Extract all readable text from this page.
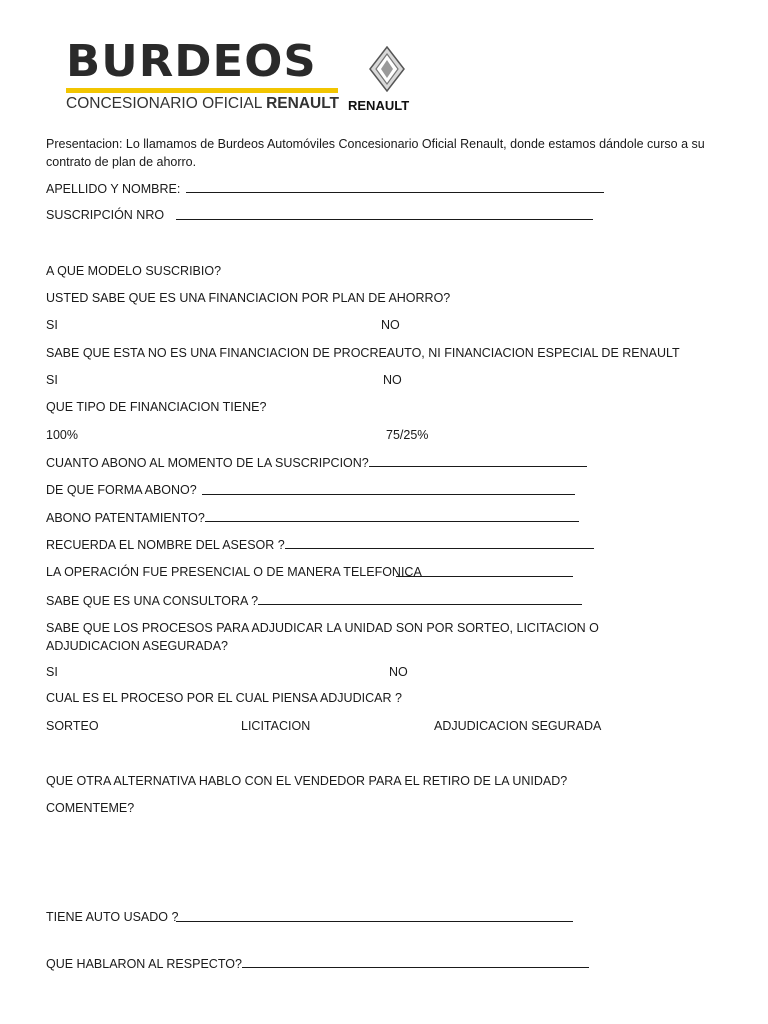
BURDEOS
CONCESIONARIO OFICIAL RENAULT RENAULT
Presentacion: Lo llamamos de Burdeos Automóviles Concesionario Oficial Renault, donde estamos dándole curso a su contrato de plan de ahorro.
APELLIDO Y NOMBRE:
SUSCRIPCIÓN NRO
A QUE MODELO SUSCRIBIO?
USTED SABE QUE ES UNA FINANCIACION POR PLAN DE AHORRO?
SI	NO
SABE QUE ESTA NO ES UNA FINANCIACION DE PROCREAUTO, NI FINANCIACION ESPECIAL DE RENAULT
SI	NO
QUE TIPO DE FINANCIACION TIENE?
100%	75/25%
CUANTO ABONO AL MOMENTO DE LA SUSCRIPCION?
DE QUE FORMA ABONO?
ABONO PATENTAMIENTO?
RECUERDA EL NOMBRE DEL ASESOR ?
LA OPERACIÓN FUE PRESENCIAL O DE MANERA TELEFONICA
SABE QUE ES UNA CONSULTORA ?
SABE QUE LOS PROCESOS PARA ADJUDICAR LA UNIDAD SON POR SORTEO, LICITACION O ADJUDICACION ASEGURADA?
SI	NO
CUAL ES EL PROCESO POR EL CUAL PIENSA ADJUDICAR ?
SORTEO	LICITACION	ADJUDICACION SEGURADA
QUE OTRA ALTERNATIVA HABLO CON EL VENDEDOR PARA EL RETIRO DE LA UNIDAD?
COMENTEME?
TIENE AUTO USADO ?
QUE HABLARON AL RESPECTO?
